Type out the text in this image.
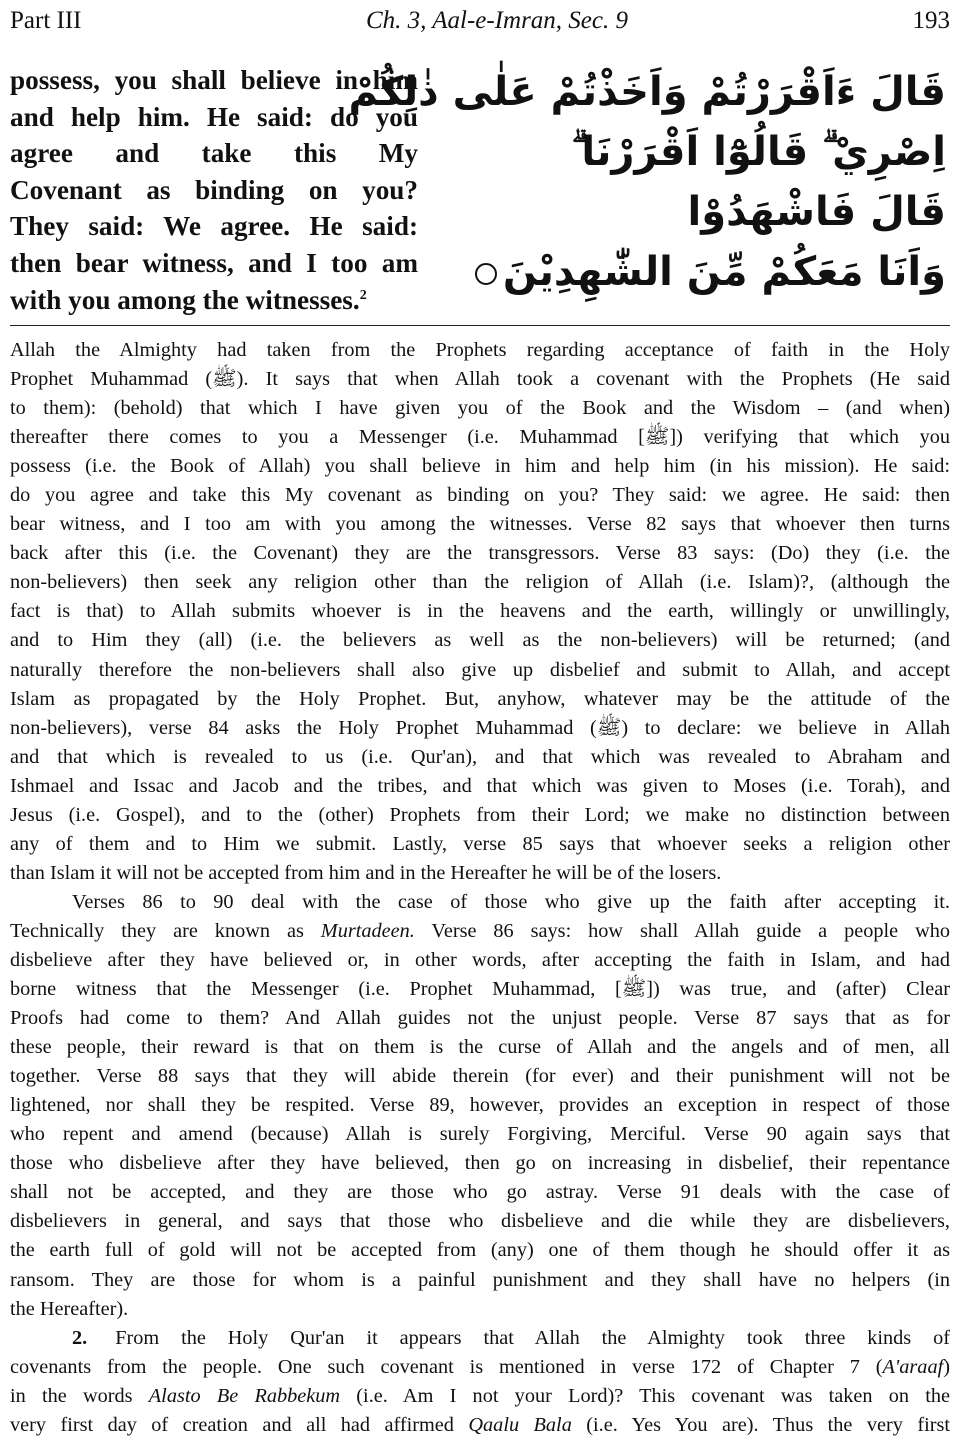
Part III	Ch. 3, Aal-e-Imran, Sec. 9	193
possess, you shall believe in him
and help him. He said: do you
agree and take this My
Covenant as binding on you?
They said: We agree. He said:
then bear witness, and I too am
with you among the witnesses.$^2$
قَالَ ءَاَقْرَرْتُمْ وَاَخَذْتُمْ عَلٰى ذٰلِكُمْ
اِصْرِيْ ۗ قَالُوْٓا اَقْرَرْنَا ۗ
قَالَ فَاشْهَدُوْا
وَاَنَا مَعَكُمْ مِّنَ الشّٰهِدِيْنَ

Allah the Almighty had taken from the Prophets regarding acceptance of faith in the Holy
Prophet Muhammad (ﷺ). It says that when Allah took a covenant with the Prophets (He said
to them): (behold) that which I have given you of the Book and the Wisdom – (and when)
thereafter there comes to you a Messenger (i.e. Muhammad [ﷺ]) verifying that which you
possess (i.e. the Book of Allah) you shall believe in him and help him (in his mission). He said:
do you agree and take this My covenant as binding on you? They said: we agree. He said: then
bear witness, and I too am with you among the witnesses. Verse 82 says that whoever then turns
back after this (i.e. the Covenant) they are the transgressors. Verse 83 says: (Do) they (i.e. the
non-believers) then seek any religion other than the religion of Allah (i.e. Islam)?, (although the
fact is that) to Allah submits whoever is in the heavens and the earth, willingly or unwillingly,
and to Him they (all) (i.e. the believers as well as the non-believers) will be returned; (and
naturally therefore the non-believers shall also give up disbelief and submit to Allah, and accept
Islam as propagated by the Holy Prophet. But, anyhow, whatever may be the attitude of the
non-believers), verse 84 asks the Holy Prophet Muhammad (ﷺ) to declare: we believe in Allah
and that which is revealed to us (i.e. Qur'an), and that which was revealed to Abraham and
Ishmael and Issac and Jacob and the tribes, and that which was given to Moses (i.e. Torah), and
Jesus (i.e. Gospel), and to the (other) Prophets from their Lord; we make no distinction between
any of them and to Him we submit. Lastly, verse 85 says that whoever seeks a religion other
than Islam it will not be accepted from him and in the Hereafter he will be of the losers.

Verses 86 to 90 deal with the case of those who give up the faith after accepting it.
Technically they are known as Murtadeen. Verse 86 says: how shall Allah guide a people who
disbelieve after they have believed or, in other words, after accepting the faith in Islam, and had
borne witness that the Messenger (i.e. Prophet Muhammad, [ﷺ]) was true, and (after) Clear
Proofs had come to them? And Allah guides not the unjust people. Verse 87 says that as for
these people, their reward is that on them is the curse of Allah and the angels and of men, all
together. Verse 88 says that they will abide therein (for ever) and their punishment will not be
lightened, nor shall they be respited. Verse 89, however, provides an exception in respect of those
who repent and amend (because) Allah is surely Forgiving, Merciful. Verse 90 again says that
those who disbelieve after they have believed, then go on increasing in disbelief, their repentance
shall not be accepted, and they are those who go astray. Verse 91 deals with the case of
disbelievers in general, and says that those who disbelieve and die while they are disbelievers,
the earth full of gold will not be accepted from (any) one of them though he should offer it as
ransom. They are those for whom is a painful punishment and they shall have no helpers (in
the Hereafter).

2. From the Holy Qur'an it appears that Allah the Almighty took three kinds of
covenants from the people. One such covenant is mentioned in verse 172 of Chapter 7 (A'araaf)
in the words Alasto Be Rabbekum (i.e. Am I not your Lord)? This covenant was taken on the
very first day of creation and all had affirmed Qaalu Bala (i.e. Yes You are). Thus the very first
